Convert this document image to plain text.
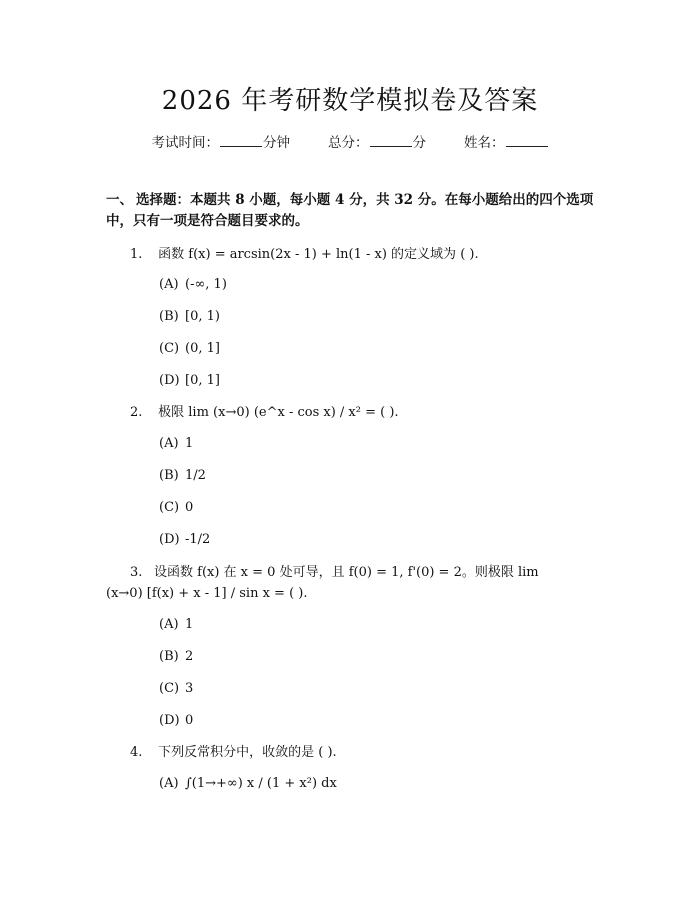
2026 年考研数学模拟卷及答案
考试时间：	分钟	总分：	分	姓名：
一、 选择题：本题共 8 小题，每小题 4 分，共 32 分。在每小题给出的四个选项
中，只有一项是符合题目要求的。
1. 函数 f(x) = arcsin(2x - 1) + ln(1 - x) 的定义域为 ( ).
(A) (-∞, 1)
(B) [0, 1)
(C) (0, 1]
(D) [0, 1]
2. 极限 lim (x→0) (e^x - cos x) / x² = ( ).
(A) 1
(B) 1/2
(C) 0
(D) -1/2
3. 设函数 f(x) 在 x = 0 处可导，且 f(0) = 1, f'(0) = 2。则极限 lim
(x→0) [f(x) + x - 1] / sin x = ( ).
(A) 1
(B) 2
(C) 3
(D) 0
4. 下列反常积分中，收敛的是 ( ).
(A) ∫(1→+∞) x / (1 + x²) dx
